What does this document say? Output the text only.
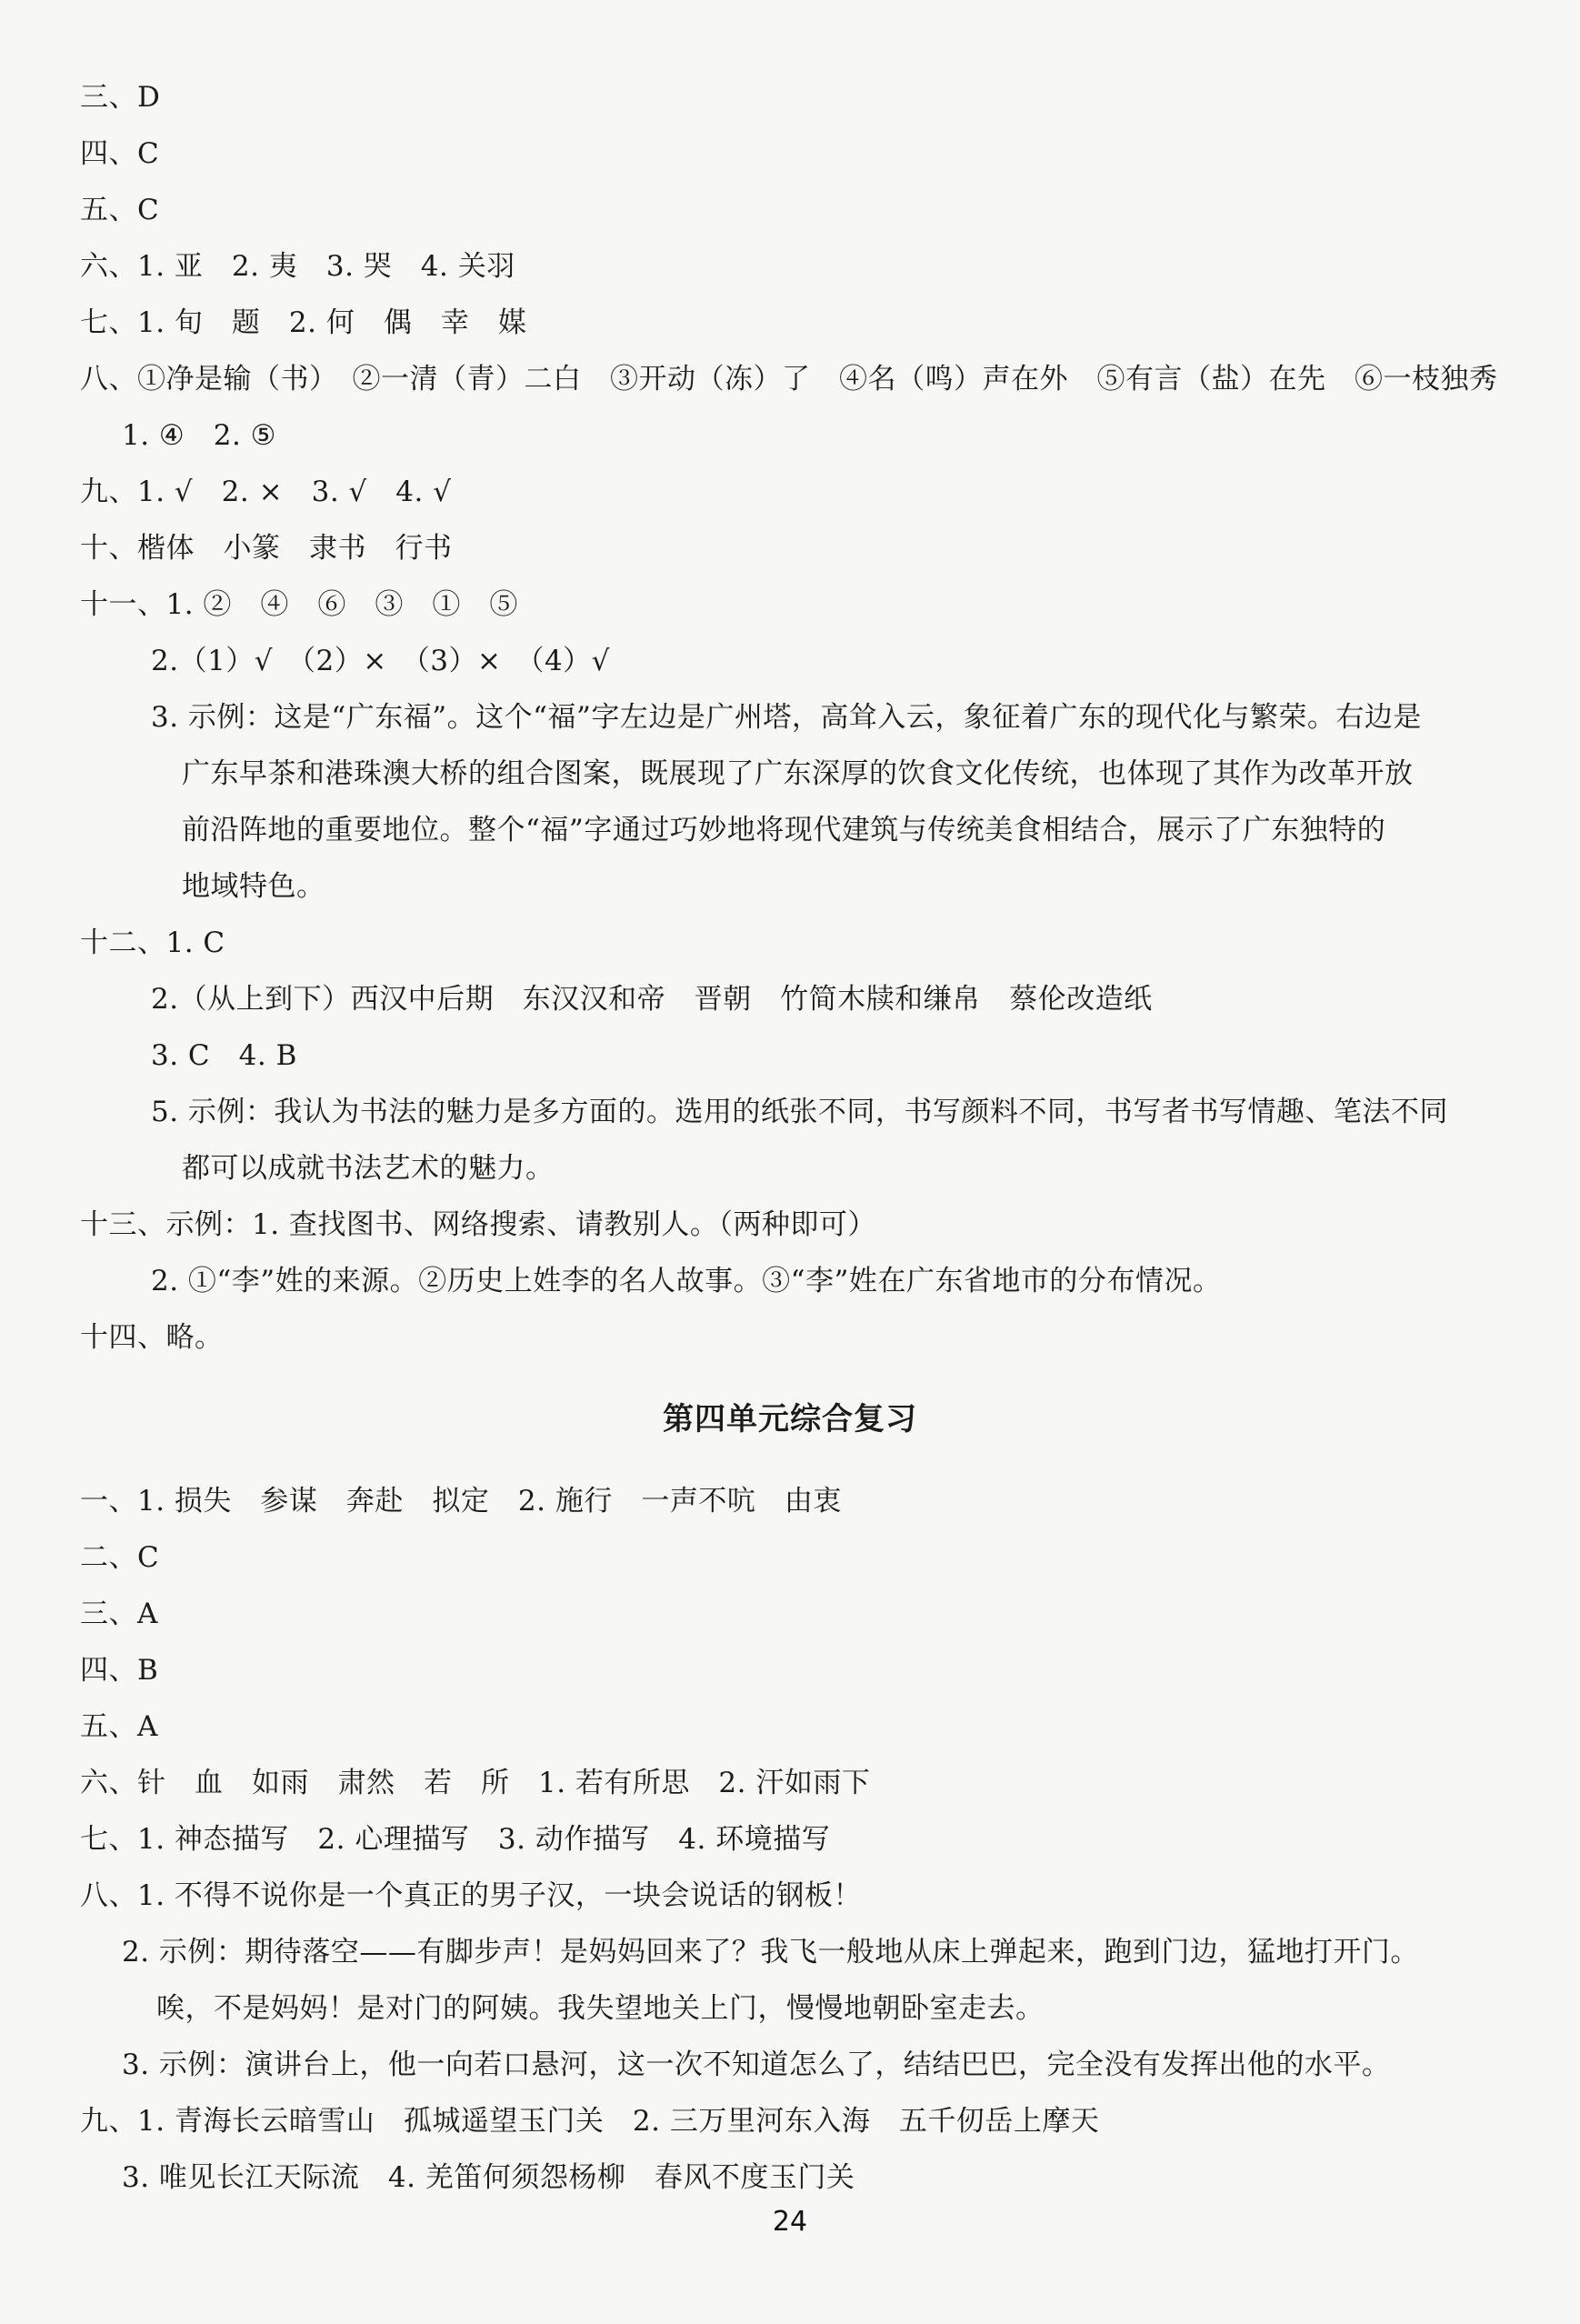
三、D
四、C
五、C
六、1. 亚　2. 夷　3. 哭　4. 关羽
七、1. 旬　题　2. 何　偶　幸　媒
八、①净是输（书）　②一清（青）二白　③开动（冻）了　④名（鸣）声在外　⑤有言（盐）在先　⑥一枝独秀
1. ④　2. ⑤
九、1. √　2. ×　3. √　4. √
十、楷体　小篆　隶书　行书
十一、1. ②　④　⑥　③　①　⑤
2.（1）√　（2）×　（3）×　（4）√
3. 示例：这是“广东福”。这个“福”字左边是广州塔，高耸入云，象征着广东的现代化与繁荣。右边是
广东早茶和港珠澳大桥的组合图案，既展现了广东深厚的饮食文化传统，也体现了其作为改革开放
前沿阵地的重要地位。整个“福”字通过巧妙地将现代建筑与传统美食相结合，展示了广东独特的
地域特色。
十二、1. C
2.（从上到下）西汉中后期　东汉汉和帝　晋朝　竹简木牍和缣帛　蔡伦改造纸
3. C　4. B
5. 示例：我认为书法的魅力是多方面的。选用的纸张不同，书写颜料不同，书写者书写情趣、笔法不同
都可以成就书法艺术的魅力。
十三、示例：1. 查找图书、网络搜索、请教别人。（两种即可）
2. ①“李”姓的来源。②历史上姓李的名人故事。③“李”姓在广东省地市的分布情况。
十四、略。
第四单元综合复习
一、1. 损失　参谋　奔赴　拟定　2. 施行　一声不吭　由衷
二、C
三、A
四、B
五、A
六、针　血　如雨　肃然　若　所　1. 若有所思　2. 汗如雨下
七、1. 神态描写　2. 心理描写　3. 动作描写　4. 环境描写
八、1. 不得不说你是一个真正的男子汉，一块会说话的钢板！
2. 示例：期待落空——有脚步声！是妈妈回来了？我飞一般地从床上弹起来，跑到门边，猛地打开门。
唉，不是妈妈！是对门的阿姨。我失望地关上门，慢慢地朝卧室走去。
3. 示例：演讲台上，他一向若口悬河，这一次不知道怎么了，结结巴巴，完全没有发挥出他的水平。
九、1. 青海长云暗雪山　孤城遥望玉门关　2. 三万里河东入海　五千仞岳上摩天
3. 唯见长江天际流　4. 羌笛何须怨杨柳　春风不度玉门关
24
